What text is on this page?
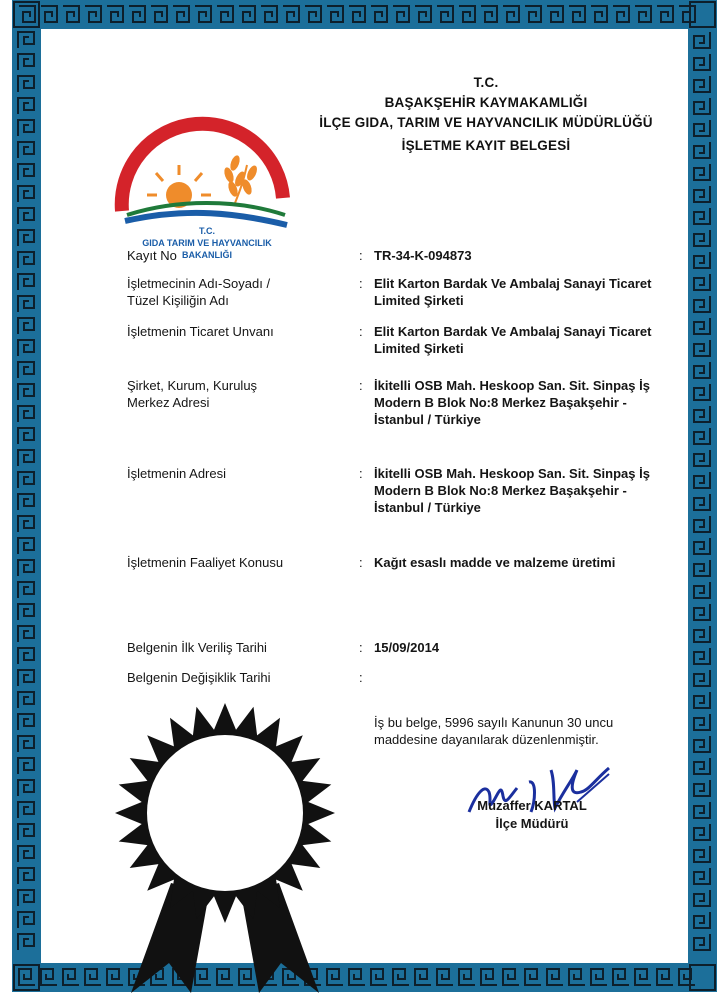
T.C.
GIDA TARIM VE HAYVANCILIK
BAKANLIĞI
T.C.
BAŞAKŞEHİR KAYMAKAMLIĞI
İLÇE GIDA, TARIM VE HAYVANCILIK MÜDÜRLÜĞÜ
İŞLETME KAYIT BELGESİ
Kayıt No	: TR-34-K-094873
İşletmecinin Adı-Soyadı / Tüzel Kişiliğin Adı
: Elit Karton Bardak Ve Ambalaj Sanayi Ticaret Limited Şirketi
İşletmenin Ticaret Unvanı	: Elit Karton Bardak Ve Ambalaj Sanayi Ticaret Limited Şirketi
Şirket, Kurum, Kuruluş Merkez Adresi
: İkitelli OSB Mah. Heskoop San. Sit. Sinpaş İş Modern B Blok No:8 Merkez Başakşehir - İstanbul / Türkiye
İşletmenin Adresi	: İkitelli OSB Mah. Heskoop San. Sit. Sinpaş İş Modern B Blok No:8 Merkez Başakşehir - İstanbul / Türkiye
İşletmenin Faaliyet Konusu	: Kağıt esaslı madde ve malzeme üretimi
Belgenin İlk Veriliş Tarihi	: 15/09/2014
Belgenin Değişiklik Tarihi	:
İş bu belge, 5996 sayılı Kanunun 30 uncu maddesine dayanılarak düzenlenmiştir.
Muzaffer KARTAL
İlçe Müdürü
